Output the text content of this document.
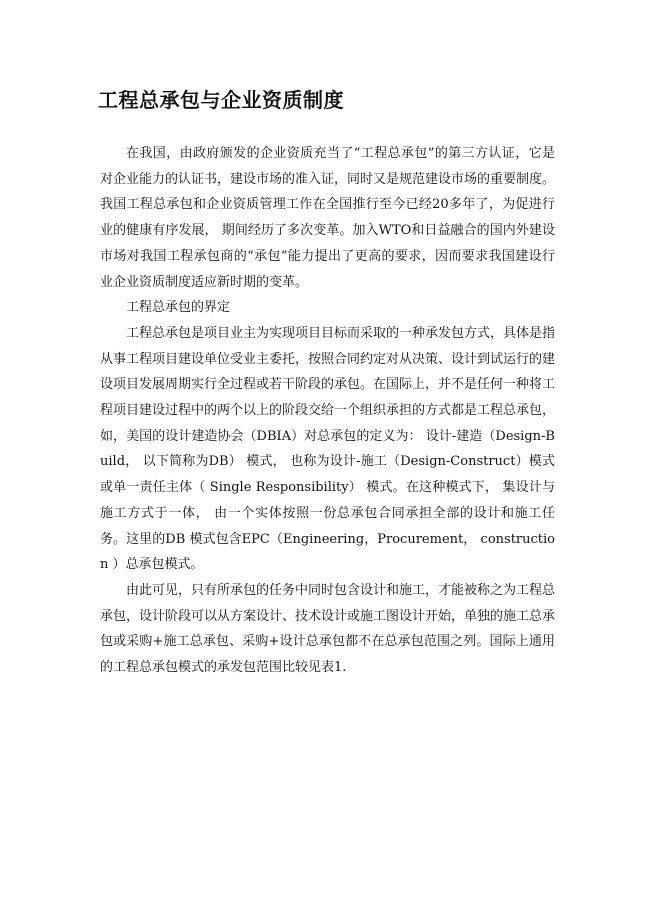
工程总承包与企业资质制度

在我国，由政府颁发的企业资质充当了“工程总承包”的第三方认证，它是对企业能力的认证书，建设市场的准入证，同时又是规范建设市场的重要制度。我国工程总承包和企业资质管理工作在全国推行至今已经20多年了，为促进行业的健康有序发展， 期间经历了多次变革。加入WTO和日益融合的国内外建设市场对我国工程承包商的“承包”能力提出了更高的要求，因而要求我国建设行业企业资质制度适应新时期的变革。

工程总承包的界定

工程总承包是项目业主为实现项目目标而采取的一种承发包方式，具体是指从事工程项目建设单位受业主委托，按照合同约定对从决策、设计到试运行的建设项目发展周期实行全过程或若干阶段的承包。在国际上，并不是任何一种将工程项目建设过程中的两个以上的阶段交给一个组织承担的方式都是工程总承包，如，美国的设计建造协会（DBIA）对总承包的定义为： 设计-建造（Design-Build， 以下简称为DB） 模式， 也称为设计-施工（Design-Construct）模式或单一责任主体（ Single Responsibility） 模式。在这种模式下， 集设计与施工方式于一体， 由一个实体按照一份总承包合同承担全部的设计和施工任务。这里的DB 模式包含EPC（Engineering，Procurement， construction ）总承包模式。

由此可见，只有所承包的任务中同时包含设计和施工，才能被称之为工程总承包，设计阶段可以从方案设计、技术设计或施工图设计开始，单独的施工总承包或采购+施工总承包、采购+设计总承包都不在总承包范围之列。国际上通用的工程总承包模式的承发包范围比较见表1.
